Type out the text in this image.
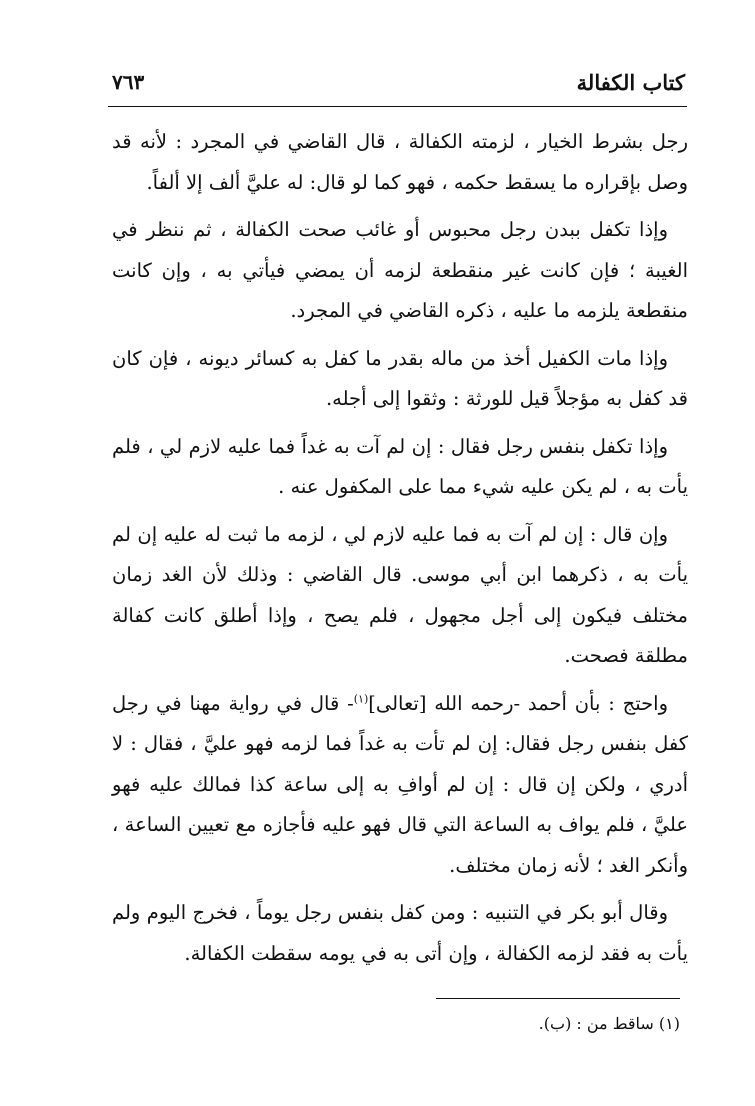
كتاب الكفالة
٧٦٣

رجل بشرط الخيار ، لزمته الكفالة ، قال القاضي في المجرد : لأنه قد وصل بإقراره ما يسقط حكمه ، فهو كما لو قال: له عليَّ ألف إلا ألفاً.

وإذا تكفل ببدن رجل محبوس أو غائب صحت الكفالة ، ثم ننظر في الغيبة ؛ فإن كانت غير منقطعة لزمه أن يمضي فيأتي به ، وإن كانت منقطعة يلزمه ما عليه ، ذكره القاضي في المجرد.

وإذا مات الكفيل أخذ من ماله بقدر ما كفل به كسائر ديونه ، فإن كان قد كفل به مؤجلاً قيل للورثة : وثقوا إلى أجله.

وإذا تكفل بنفس رجل فقال : إن لم آت به غداً فما عليه لازم لي ، فلم يأت به ، لم يكن عليه شيء مما على المكفول عنه .

وإن قال : إن لم آت به فما عليه لازم لي ، لزمه ما ثبت له عليه إن لم يأت به ، ذكرهما ابن أبي موسى. قال القاضي : وذلك لأن الغد زمان مختلف فيكون إلى أجل مجهول ، فلم يصح ، وإذا أطلق كانت كفالة مطلقة فصحت.

واحتج : بأن أحمد -رحمه الله [تعالى]$^{(١)}$- قال في رواية مهنا في رجل كفل بنفس رجل فقال: إن لم تأت به غداً فما لزمه فهو عليَّ ، فقال : لا أدري ، ولكن إن قال : إن لم أوافِ به إلى ساعة كذا فمالك عليه فهو عليَّ ، فلم يواف به الساعة التي قال فهو عليه فأجازه مع تعيين الساعة ، وأنكر الغد ؛ لأنه زمان مختلف.

وقال أبو بكر في التنبيه : ومن كفل بنفس رجل يوماً ، فخرج اليوم ولم يأت به فقد لزمه الكفالة ، وإن أتى به في يومه سقطت الكفالة.

(١) ساقط من : (ب).
